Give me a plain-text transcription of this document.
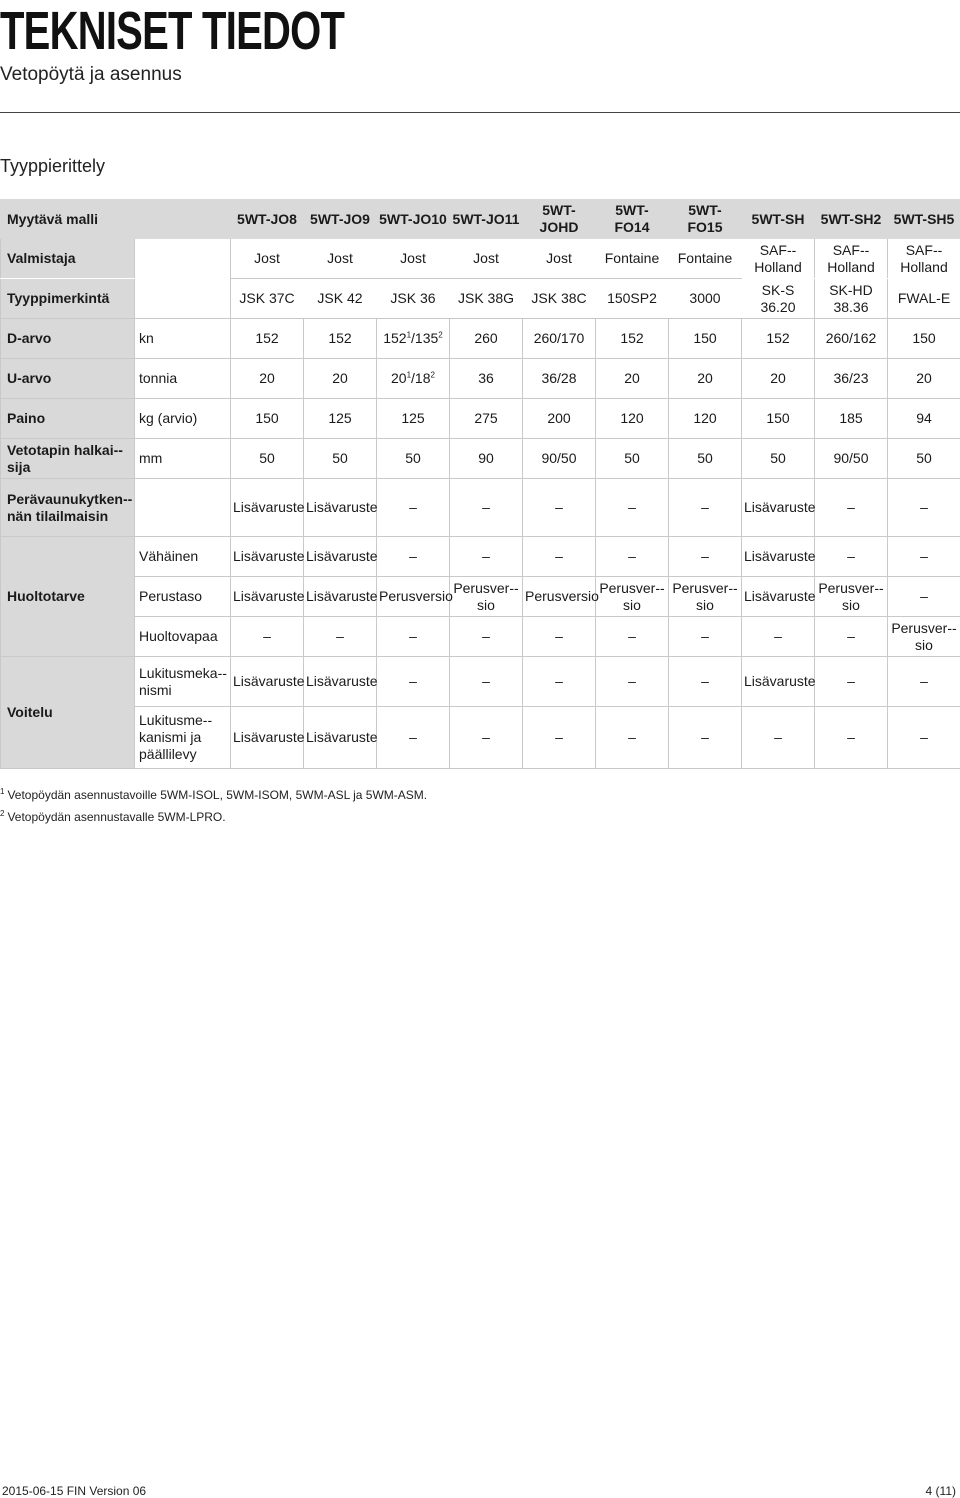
TEKNISET TIEDOT
Vetopöytä ja asennus
Tyyppierittely
Myytävä malli		5WT-JO8	5WT-JO9	5WT-JO10	5WT-JO11	5WT-JOHD	5WT-FO14	5WT-FO15	5WT-SH	5WT-SH2	5WT-SH5
Valmistaja		Jost	Jost	Jost	Jost	Jost	Fontaine	Fontaine	SAF-Holland	SAF-Holland	SAF-Holland
Tyyppimerkintä		JSK 37C	JSK 42	JSK 36	JSK 38G	JSK 38C	150SP2	3000	SK-S 36.20	SK-HD 38.36	FWAL-E
D-arvo	kn	152	152	$152^1/135^2$	260	260/170	152	150	152	260/162	150
U-arvo	tonnia	20	20	$20^1/18^2$	36	36/28	20	20	20	36/23	20
Paino	kg (arvio)	150	125	125	275	200	120	120	150	185	94
Vetotapin halkai-sija	mm	50	50	50	90	90/50	50	50	50	90/50	50
Perävaunukytken-nän tilailmaisin		Lisävaruste	Lisävaruste	–	–	–	–	–	Lisävaruste	–	–
Huoltotarve	Vähäinen	Lisävaruste	Lisävaruste	–	–	–	–	–	Lisävaruste	–	–
	Perustaso	Lisävaruste	Lisävaruste	Perusversio	Perusver-sio	Perusversio	Perusver-sio	Perusver-sio	Lisävaruste	Perusver-sio	–
	Huoltovapaa	–	–	–	–	–	–	–	–	–	Perusver-sio
Voitelu	Lukitusmeka-nismi	Lisävaruste	Lisävaruste	–	–	–	–	–	Lisävaruste	–	–
	Lukitusme-kanismi ja päällilevy	Lisävaruste	Lisävaruste	–	–	–	–	–	–	–	–
$^1$ Vetopöydän asennustavoille 5WM-ISOL, 5WM-ISOM, 5WM-ASL ja 5WM-ASM.
$^2$ Vetopöydän asennustavalle 5WM-LPRO.
2015-06-15 FIN Version 06	4 (11)
